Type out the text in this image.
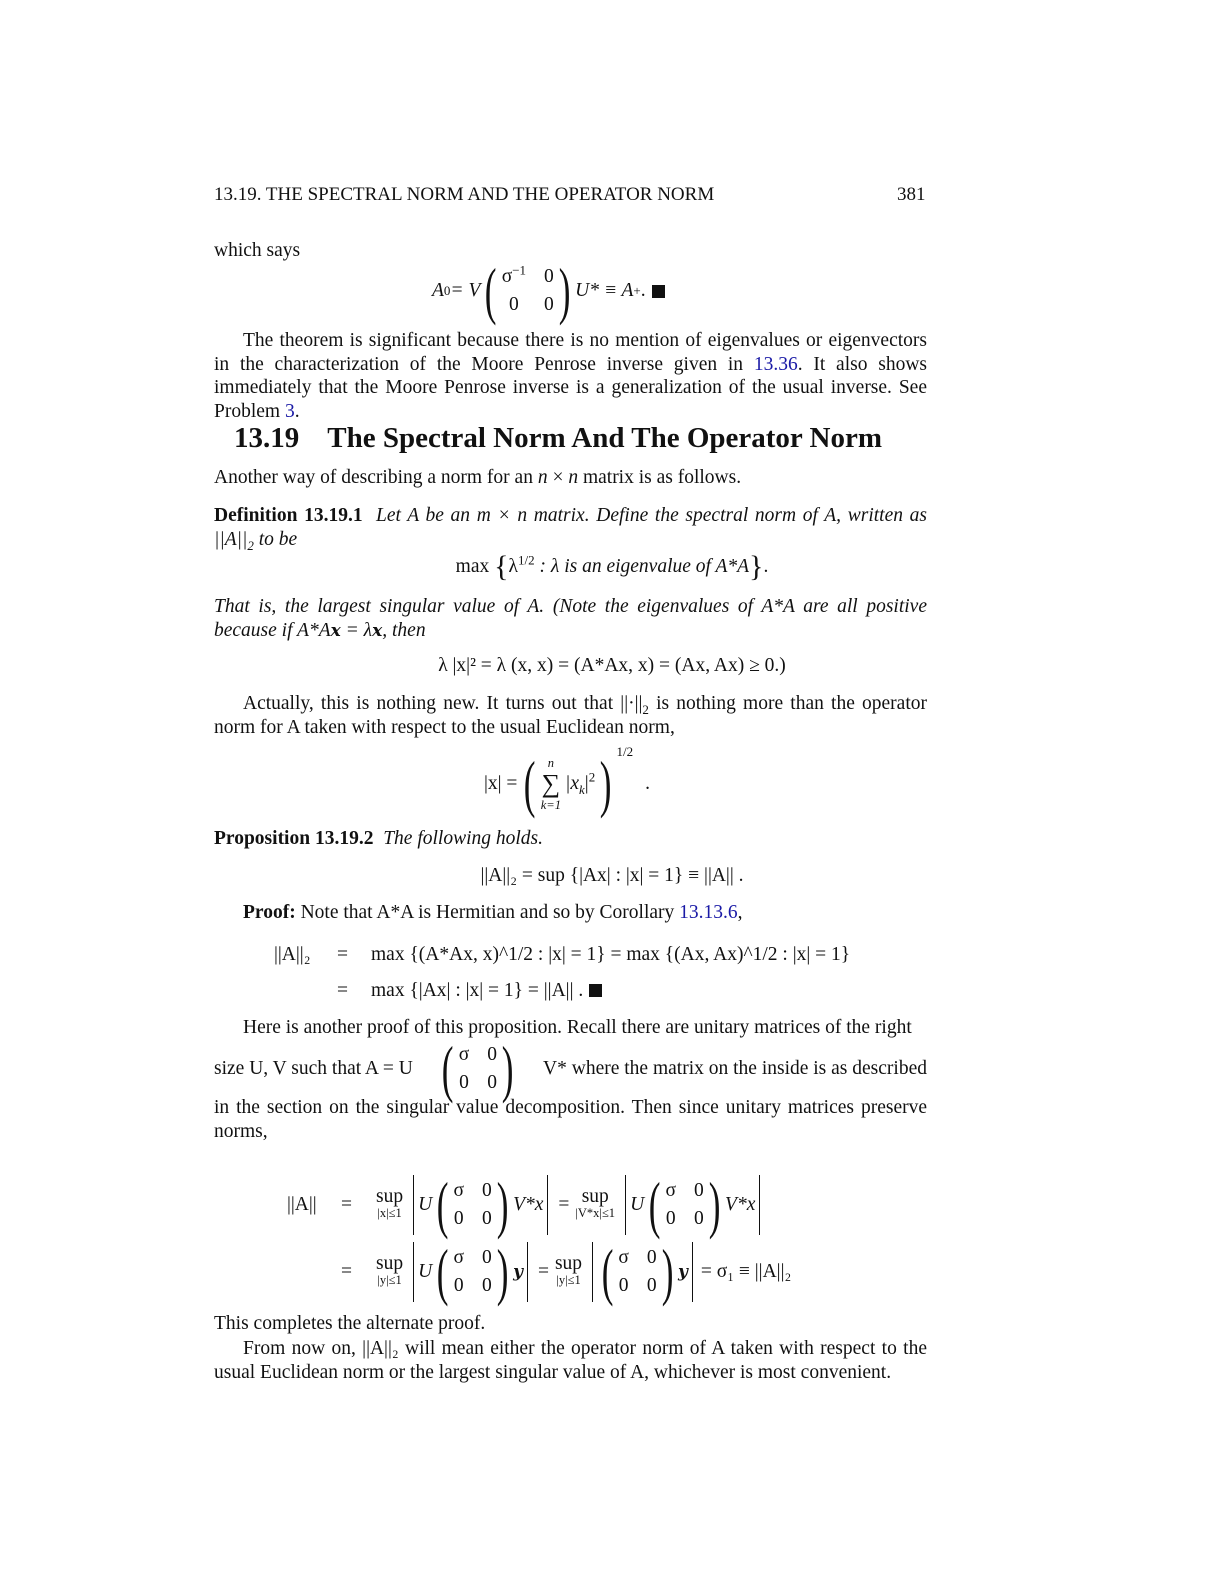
13.19. THE SPECTRAL NORM AND THE OPERATOR NORM	381
which says
A 0 = V ( $\sigma^{-1}$ 0
0	0 ) U* ≡ A + .
The theorem is significant because there is no mention of eigenvalues or eigenvectors in the characterization of the Moore Penrose inverse given in 13.36. It also shows immediately that the Moore Penrose inverse is a generalization of the usual inverse. See Problem 3.
13.19 The Spectral Norm And The Operator Norm
Another way of describing a norm for an n × n matrix is as follows.
Definition 13.19.1 Let A be an m × n matrix. Define the spectral norm of A, written as $||A||_2$ to be
$\max \{\lambda^{1/2}$ : λ is an eigenvalue of A*A}.
That is, the largest singular value of A. (Note the eigenvalues of A*A are all positive because if A*Ax = λx, then
λ |x|² = λ (x, x) = (A*Ax, x) = (Ax, Ax) ≥ 0.)
Actually, this is nothing new. It turns out that $||\cdot||_2$ is nothing more than the operator norm for A taken with respect to the usual Euclidean norm,
|x| = ( n
∑
k=1
$|x_k|^2$ ) 1/2
.
Proposition 13.19.2 The following holds.
||A||₂ = sup {|Ax| : |x| = 1} ≡ ||A|| .
Proof: Note that A*A is Hermitian and so by Corollary 13.13.6,
||A||₂ = max {(A*Ax, x)^1/2 : |x| = 1} = max {(Ax, Ax)^1/2 : |x| = 1}
= max {|Ax| : |x| = 1} = ||A|| .
Here is another proof of this proposition. Recall there are unitary matrices of the right
size U, V such that A = U ( σ 0
0 0 ) V* where the matrix on the inside is as described
in the section on the singular value decomposition. Then since unitary matrices preserve norms,
||A|| = sup
|x|≤1 U ( σ 0
0 0 ) V*x = sup
|V*x|≤1 U ( σ 0
0 0 ) V*x
= sup
|y|≤1 U ( σ 0
0 0 ) y = sup
|y|≤1 ( σ 0
0 0 ) y = σ₁ ≡ ||A||₂
This completes the alternate proof.
From now on, ||A||₂ will mean either the operator norm of A taken with respect to the usual Euclidean norm or the largest singular value of A, whichever is most convenient.
